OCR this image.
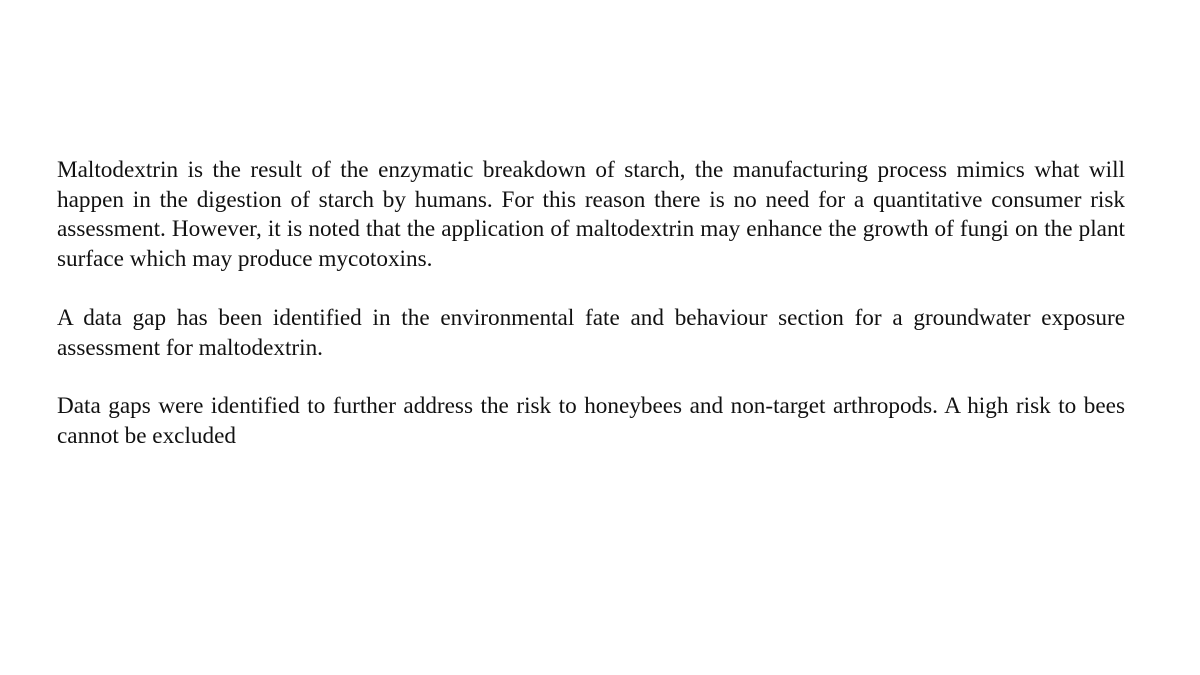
Maltodextrin is the result of the enzymatic breakdown of starch, the manufacturing process mimics what will happen in the digestion of starch by humans. For this reason there is no need for a quantitative consumer risk assessment. However, it is noted that the application of maltodextrin may enhance the growth of fungi on the plant surface which may produce mycotoxins.

A data gap has been identified in the environmental fate and behaviour section for a groundwater exposure assessment for maltodextrin.

Data gaps were identified to further address the risk to honeybees and non-target arthropods. A high risk to bees cannot be excluded
